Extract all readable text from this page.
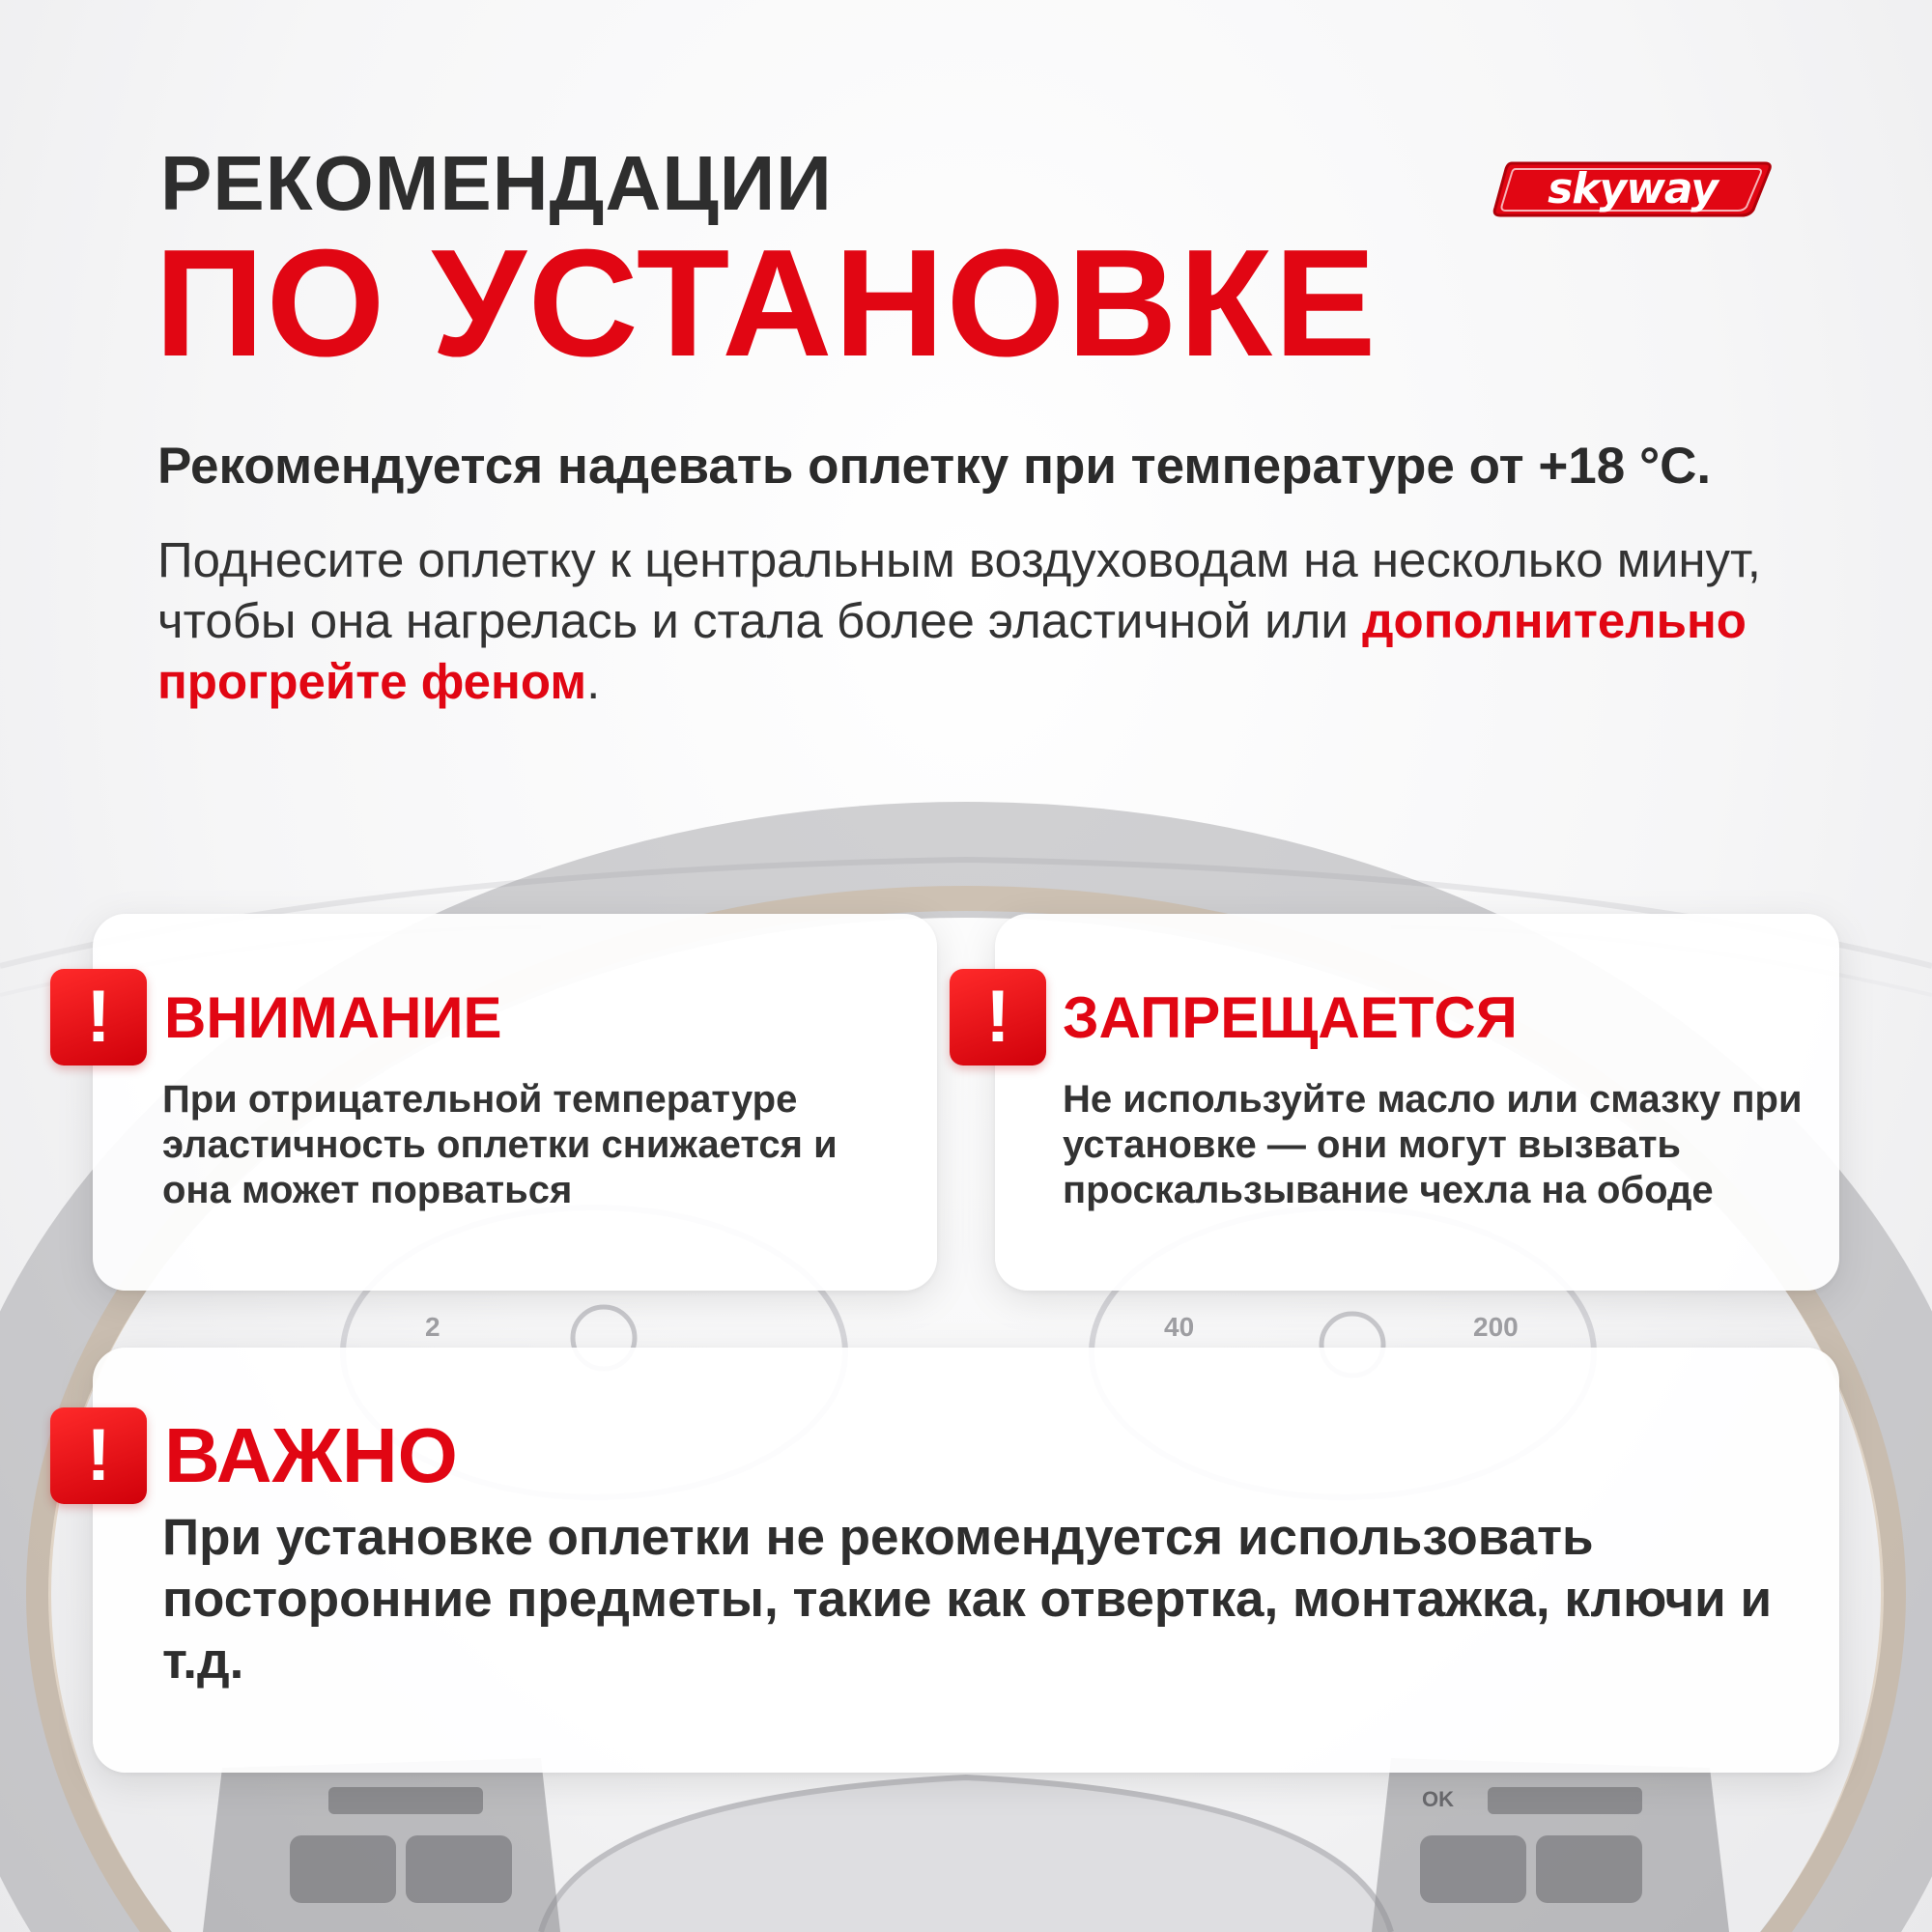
2	40	200
OK
РЕКОМЕНДАЦИИ
ПО УСТАНОВКЕ
skyway
Рекомендуется надевать оплетку при температуре от +18 °C.
Поднесите оплетку к центральным воздуховодам на несколько минут, чтобы она нагрелась и стала более эластичной или дополнительно прогрейте феном.
! ВНИМАНИЕ
При отрицательной температуре эластичность оплетки снижается и она может порваться
! ЗАПРЕЩАЕТСЯ
Не используйте масло или смазку при установке — они могут вызвать проскальзывание чехла на ободе
! ВАЖНО
При установке оплетки не рекомендуется использовать посторонние предметы, такие как отвертка, монтажка, ключи и т.д.
